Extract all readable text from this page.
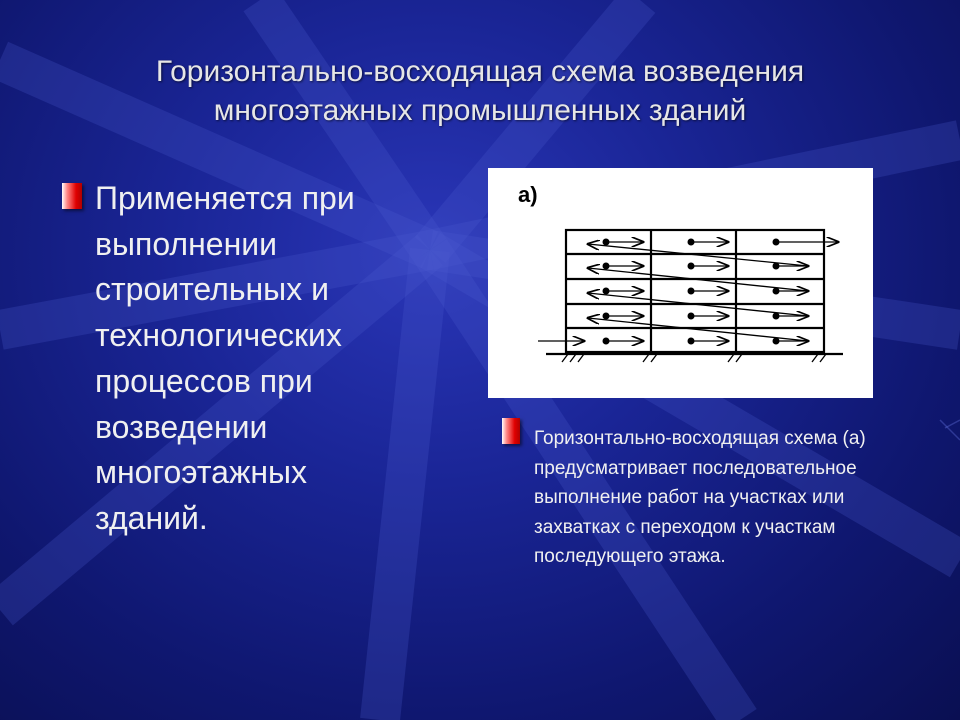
Горизонтально-восходящая схема возведения
многоэтажных промышленных зданий
Применяется при выполнении строительных и технологических процессов при возведении многоэтажных зданий.
а)
Горизонтально-восходящая схема (а) предусматривает последовательное выполнение работ на участках или захватках с переходом к участкам последующего этажа.
